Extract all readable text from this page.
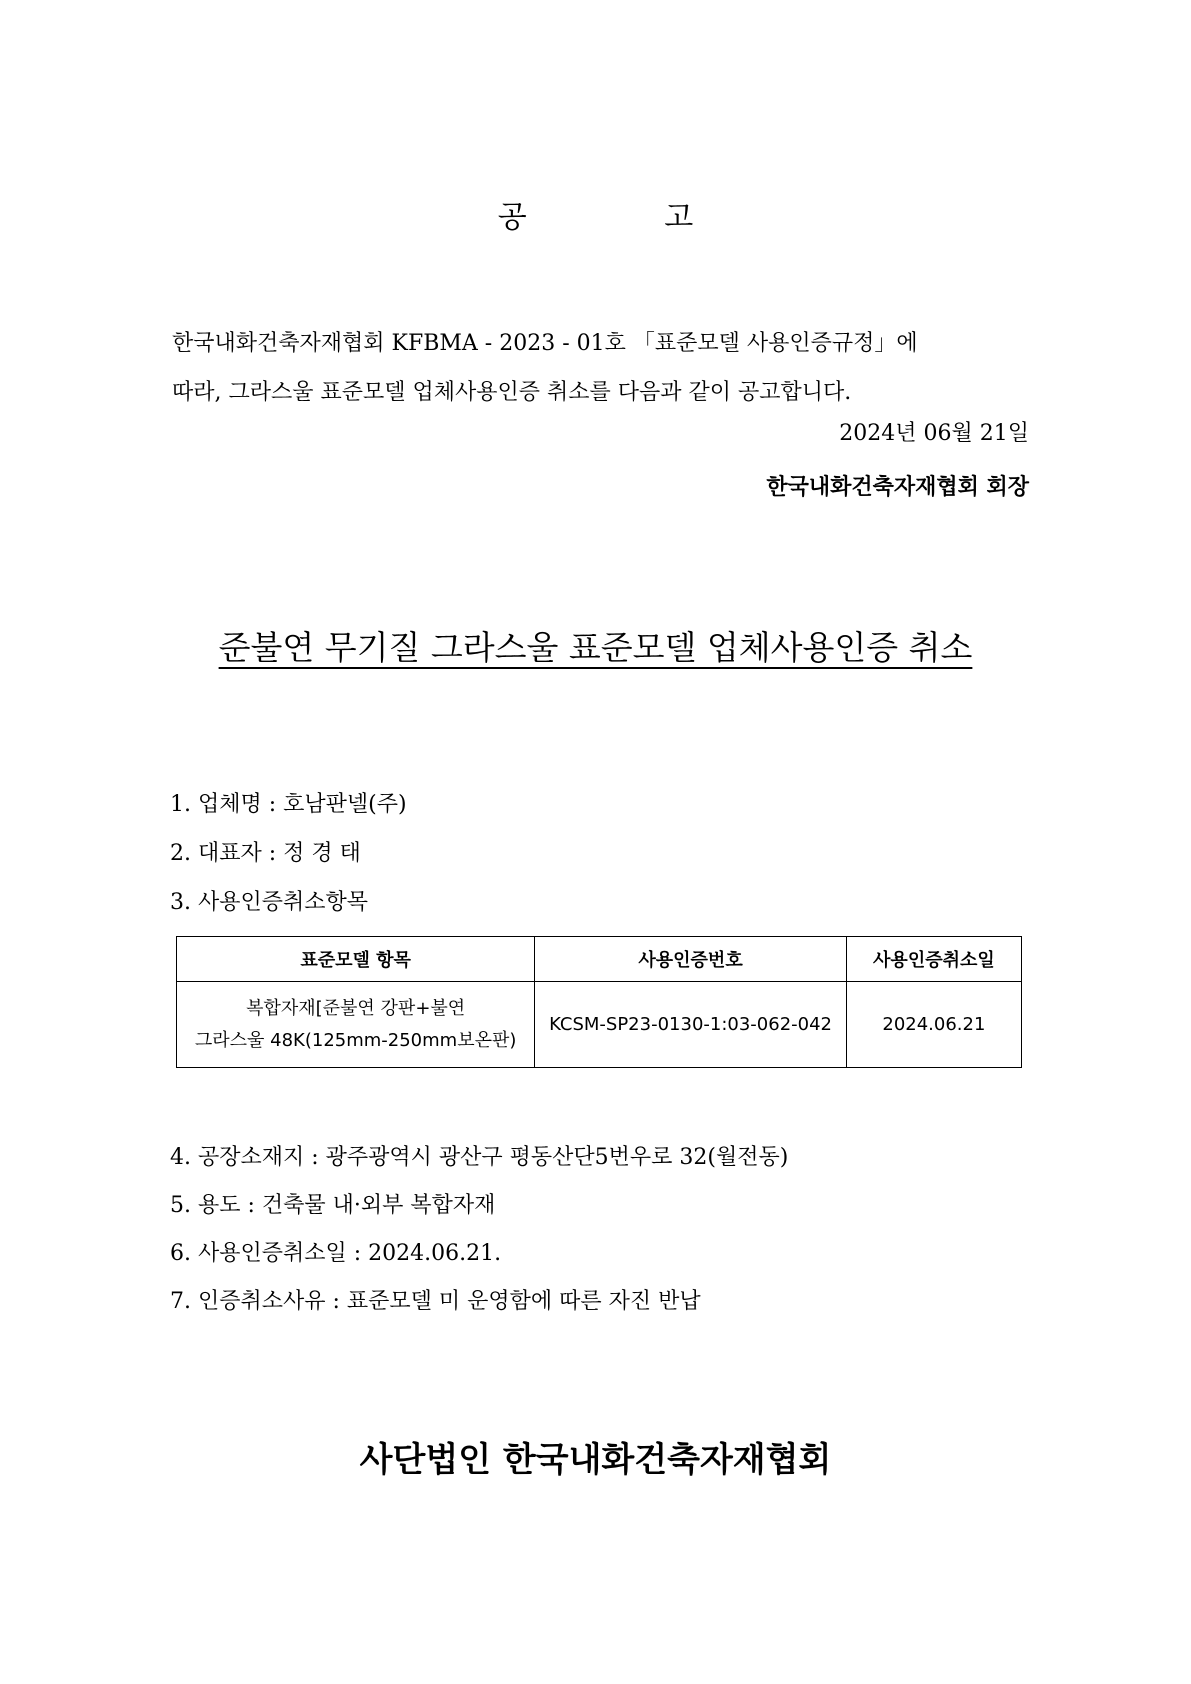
공 고
한국내화건축자재협회 KFBMA - 2023 - 01호 「표준모델 사용인증규정」에
따라, 그라스울 표준모델 업체사용인증 취소를 다음과 같이 공고합니다.
2024년 06월 21일
한국내화건축자재협회 회장
준불연 무기질 그라스울 표준모델 업체사용인증 취소
1. 업체명 : 호남판넬(주)
2. 대표자 : 정 경 태
3. 사용인증취소항목
표준모델 항목	사용인증번호	사용인증취소일

복합자재[준불연 강판+불연
그라스울 48K(125mm-250mm보온판)	KCSM-SP23-0130-1:03-062-042	2024.06.21
4. 공장소재지 : 광주광역시 광산구 평동산단5번우로 32(월전동)
5. 용도 : 건축물 내·외부 복합자재
6. 사용인증취소일 : 2024.06.21.
7. 인증취소사유 : 표준모델 미 운영함에 따른 자진 반납
사단법인 한국내화건축자재협회
